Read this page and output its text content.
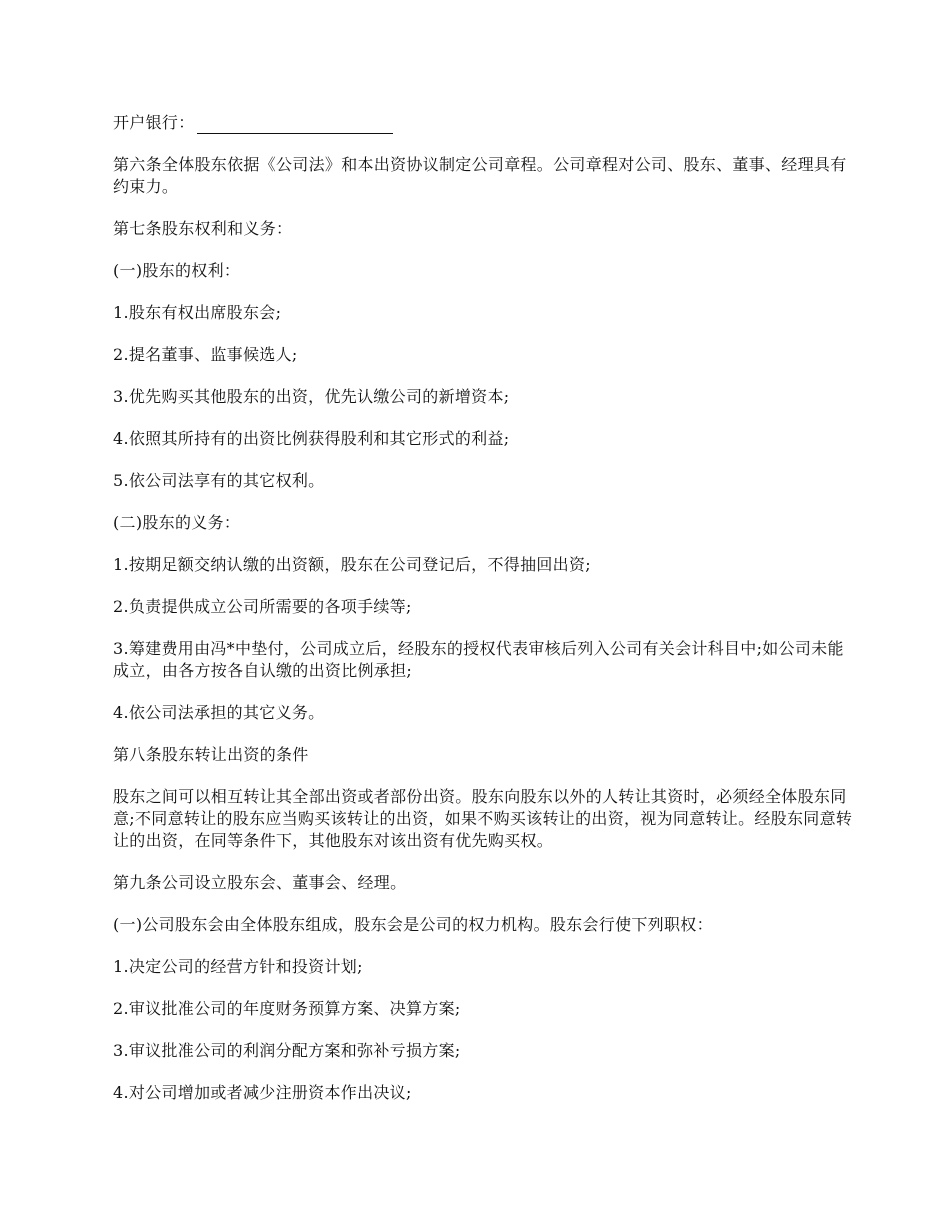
开户银行：

第六条全体股东依据《公司法》和本出资协议制定公司章程。公司章程对公司、股东、董事、经理具有约束力。

第七条股东权利和义务：

(一)股东的权利：

1.股东有权出席股东会;

2.提名董事、监事候选人;

3.优先购买其他股东的出资，优先认缴公司的新增资本;

4.依照其所持有的出资比例获得股利和其它形式的利益;

5.依公司法享有的其它权利。

(二)股东的义务：

1.按期足额交纳认缴的出资额，股东在公司登记后，不得抽回出资;

2.负责提供成立公司所需要的各项手续等;

3.筹建费用由冯*中垫付，公司成立后，经股东的授权代表审核后列入公司有关会计科目中;如公司未能成立，由各方按各自认缴的出资比例承担;

4.依公司法承担的其它义务。

第八条股东转让出资的条件

股东之间可以相互转让其全部出资或者部份出资。股东向股东以外的人转让其资时，必须经全体股东同意;不同意转让的股东应当购买该转让的出资，如果不购买该转让的出资，视为同意转让。经股东同意转让的出资，在同等条件下，其他股东对该出资有优先购买权。

第九条公司设立股东会、董事会、经理。

(一)公司股东会由全体股东组成，股东会是公司的权力机构。股东会行使下列职权：

1.决定公司的经营方针和投资计划;

2.审议批准公司的年度财务预算方案、决算方案;

3.审议批准公司的利润分配方案和弥补亏损方案;

4.对公司增加或者减少注册资本作出决议;
